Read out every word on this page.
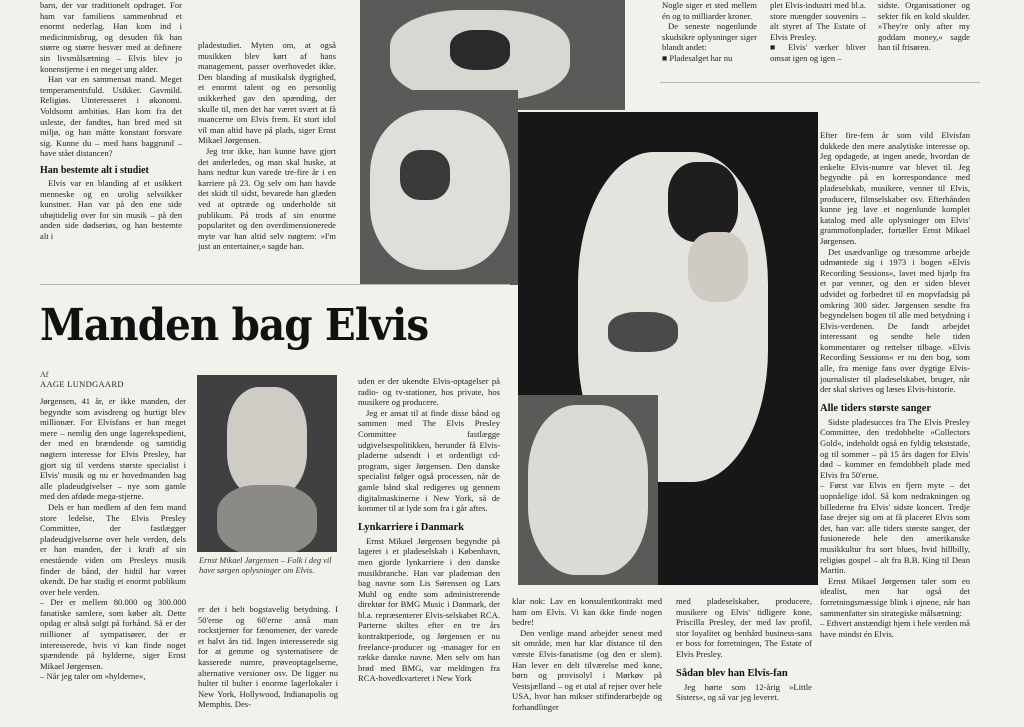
barn, der var traditionelt opdraget. For ham var familiens sammenbrud et enormt nederlag. Han kom ind i medicinmisbrug, og desuden fik han større og større besvær med at definere sin livsmålsætning – Elvis blev jo konenstjerne i en meget ung alder.

Han var en sammensat mand. Meget temperamentsfuld. Usikker. Gavmild. Religiøs. Uinteresseret i økonomi. Voldsomt ambitiøs. Han kom fra det usleste, der fandtes, han bred med sit miljø, og han måtte konstant forsvare sig. Kunne du – med hans baggrund – have stået distancen?

Han bestemte alt i studiet

Elvis var en blanding af et usikkert menneske og en urolig selvsikker kunstner. Han var på den ene side uhøjtidelig over for sin musik – på den anden side dødseriøs, og han bestemte alt i

pladestudiet. Myten om, at også musikken blev kørt af hans management, passer overhovedet ikke. Den blanding af musikalsk dygtighed, et enormt talent og en personlig usikkerhed gav den spænding, der skulle til, men det har været svært at få nuancerne om Elvis frem. Et stort idol vil man altid have på plads, siger Ernst Mikael Jørgensen.

Jeg tror ikke, han kunne have gjort det anderledes, og man skal huske, at hans nedtur kun varede tre-fire år i en karriere på 23. Og selv om han havde det skidt til sidst, bevarede han glæden ved at optræde og underholde sit publikum. På trods af sin enorme popularitet og den overdimensionerede myte var han altid selv nøgtern: »I'm just an entertainer,« sagde han.

Nogle siger et sted mellem én og to milliarder kroner.

De seneste nogenlunde skudsikre oplysninger siger blandt andet:

■ Pladesalget har nu

plet Elvis-industri med bl.a. store mængder souvenirs – alt styret af The Estate of Elvis Presley.

■ Elvis' værker bliver omsat igen og igen –

sidste. Organisationer og sekter fik en kold skulder. »They're only after my goddam money,« sagde han til frisøren.

Efter fire-fem år som vild Elvisfan dukkede den mere analytiske interesse op. Jeg opdagede, at ingen anede, hvordan de enkelte Elvis-numre var blevet til. Jeg begyndte på en korrespondance med pladeselskab, musikere, venner til Elvis, producere, filmselskaber osv. Efterhånden kunne jeg lave et nogenlunde komplet katalog med alle oplysninger om Elvis' grammofonplader, fortæller Ernst Mikael Jørgensen.

Det usædvanlige og træsomme arbejde udmøntede sig i 1973 i bogen »Elvis Recording Sessions«, lavet med hjælp fra et par venner, og den er siden blevet udvidet og forbedret til en mopvfadsig på omkring 300 sider. Jørgensen sendte fra begyndelsen bogen til alle med betydning i Elvis-verdenen. De fandt arbejdet interessant og sendte hele tiden kommentarer og rettelser tilbage. »Elvis Recording Sessions« er nu den bog, som alle, fra menige fans over dygtige Elvis-journalister til pladeselskabet, bruger, når der skal skrives og læses Elvis-historie.

Alle tiders største sanger

Sidste pladesucces fra The Elvis Presley Committee, den tredobbelte »Collectors Gold«, indeholdt også en fyldig tekststatle, og til sommer – på 15 års dagen for Elvis' død – kommer en femdobbelt plade med Elvis fra 50'erne.

– Først var Elvis en fjern myte – det uopnåelige idol. Så kom nedrakningen og billederne fra Elvis' sidste koncert. Tredje fase drejer sig om at få placeret Elvis som det, han var: alle tiders største sanger, der fusionerede hele den amerikanske musikkultur fra sort blues, hvid hillbilly, religiøs gospel – alt fra B.B. King til Dean Martin.

Ernst Mikael Jørgensen taler som en idealist, men har også det forretningsmæssige blink i øjnene, når han sammenfatter sin strategiske målsætning:

– Ethvert anstændigt hjem i hele verden må have mindst én Elvis.

Manden bag Elvis
Af
AAGE LUNDGAARD

Jørgensen, 41 år, er ikke manden, der begyndte som avisdreng og hurtigt blev millionær. For Elvisfans er han meget mere – nemlig den unge lagerekspedient, der med en brændende og samtidig nøgtern interesse for Elvis Presley, har gjort sig til verdens største specialist i Elvis' musik og nu er hovedmanden bag alle pladeudgivelser – nye som gamle med den afdøde mega-stjerne.

Dels er han medlem af den fem mand store ledelse, The Elvis Presley Committee, der fastlægger pladeudgivelserne over hele verden, dels er han manden, der i kraft af sin enestående viden om Presleys musik finder de bånd, der hidtil har været ukendt. De har stadig et enormt publikum over hele verden.

– Der er mellem 80.000 og 300.000 fanatiske samlere, som køber alt. Dette opdag er altså solgt på forhånd. Så er der millioner af sympatisører, der er interesserede, hvis vi kan finde noget spændende på hylderne, siger Ernst Mikael Jørgensen.

– Når jeg taler om »hylderne«,

Ernst Mikael Jørgensen – Folk i deg vil have sørgen oplysninger om Elvis.

er det i helt bogstavelig betydning. I 50'erne og 60'erne anså man rockstjerner for fænomener, der varede et halvt års tid. Ingen interesserede sig for at gemme og systematisere de kasserede numre, prøveoptagelserne, alternative versioner osv. De ligger nu hulter til bulter i enorme lagerlokaler i New York, Hollywood, Indianapolis og Memphis. Des-

uden er der ukendte Elvis-optagelser på radio- og tv-stationer, hos private, hos musikere og producere.

Jeg er ansat til at finde disse bånd og sammen med The Elvis Presley Committee fastlægge udgivelsespolitikken, herunder få Elvis-pladerne udsendt i et ordentligt cd-program, siger Jørgensen. Den danske specialist følger også processen, når de gamle bånd skal redigeres og gennem digitalmaskinerne i New York, så de kommer til at lyde som fra i går aftes.

Lynkarriere i Danmark

Ernst Mikael Jørgensen begyndte på lageret i et pladeselskab i København, men gjorde lynkarriere i den danske musikbranche. Han var plademan den bag navne som Lis Sørensen og Lars Muhl og endte som administrerende direktør for BMG Music i Danmark, der bl.a. repræsenterer Elvis-selskabet RCA. Parterne skiltes efter en tre års kontraktperiode, og Jørgensen er nu freelance-producer og -manager for en række danske navne. Men selv om han brød med BMG, var meldingen fra RCA-hovedkvarteret i New York

klar nok: Lav en konsulentkontrakt med ham om Elvis. Vi kan ikke finde nogen bedre!

Den venlige mand arbejder senest med sit område, men har klar distance til den værste Elvis-fanatisme (og den er slem). Han lever en delt tilværelse med kone, børn og provisolyl i Mørkøv på Vestsjælland – og et utal af rejser over hele USA, hvor han mikser stifinderarbejde og forhandlinger

med pladeselskaber, producere, musikere og Elvis' tidligere kone, Priscilla Presley, der med lav profil, stor loyalitet og benhård business-sans er boss for forretningen, The Estate of Elvis Presley.

Sådan blev han Elvis-fan

Jeg hørte som 12-årig »Little Sisters«, og så var jeg leveret.
